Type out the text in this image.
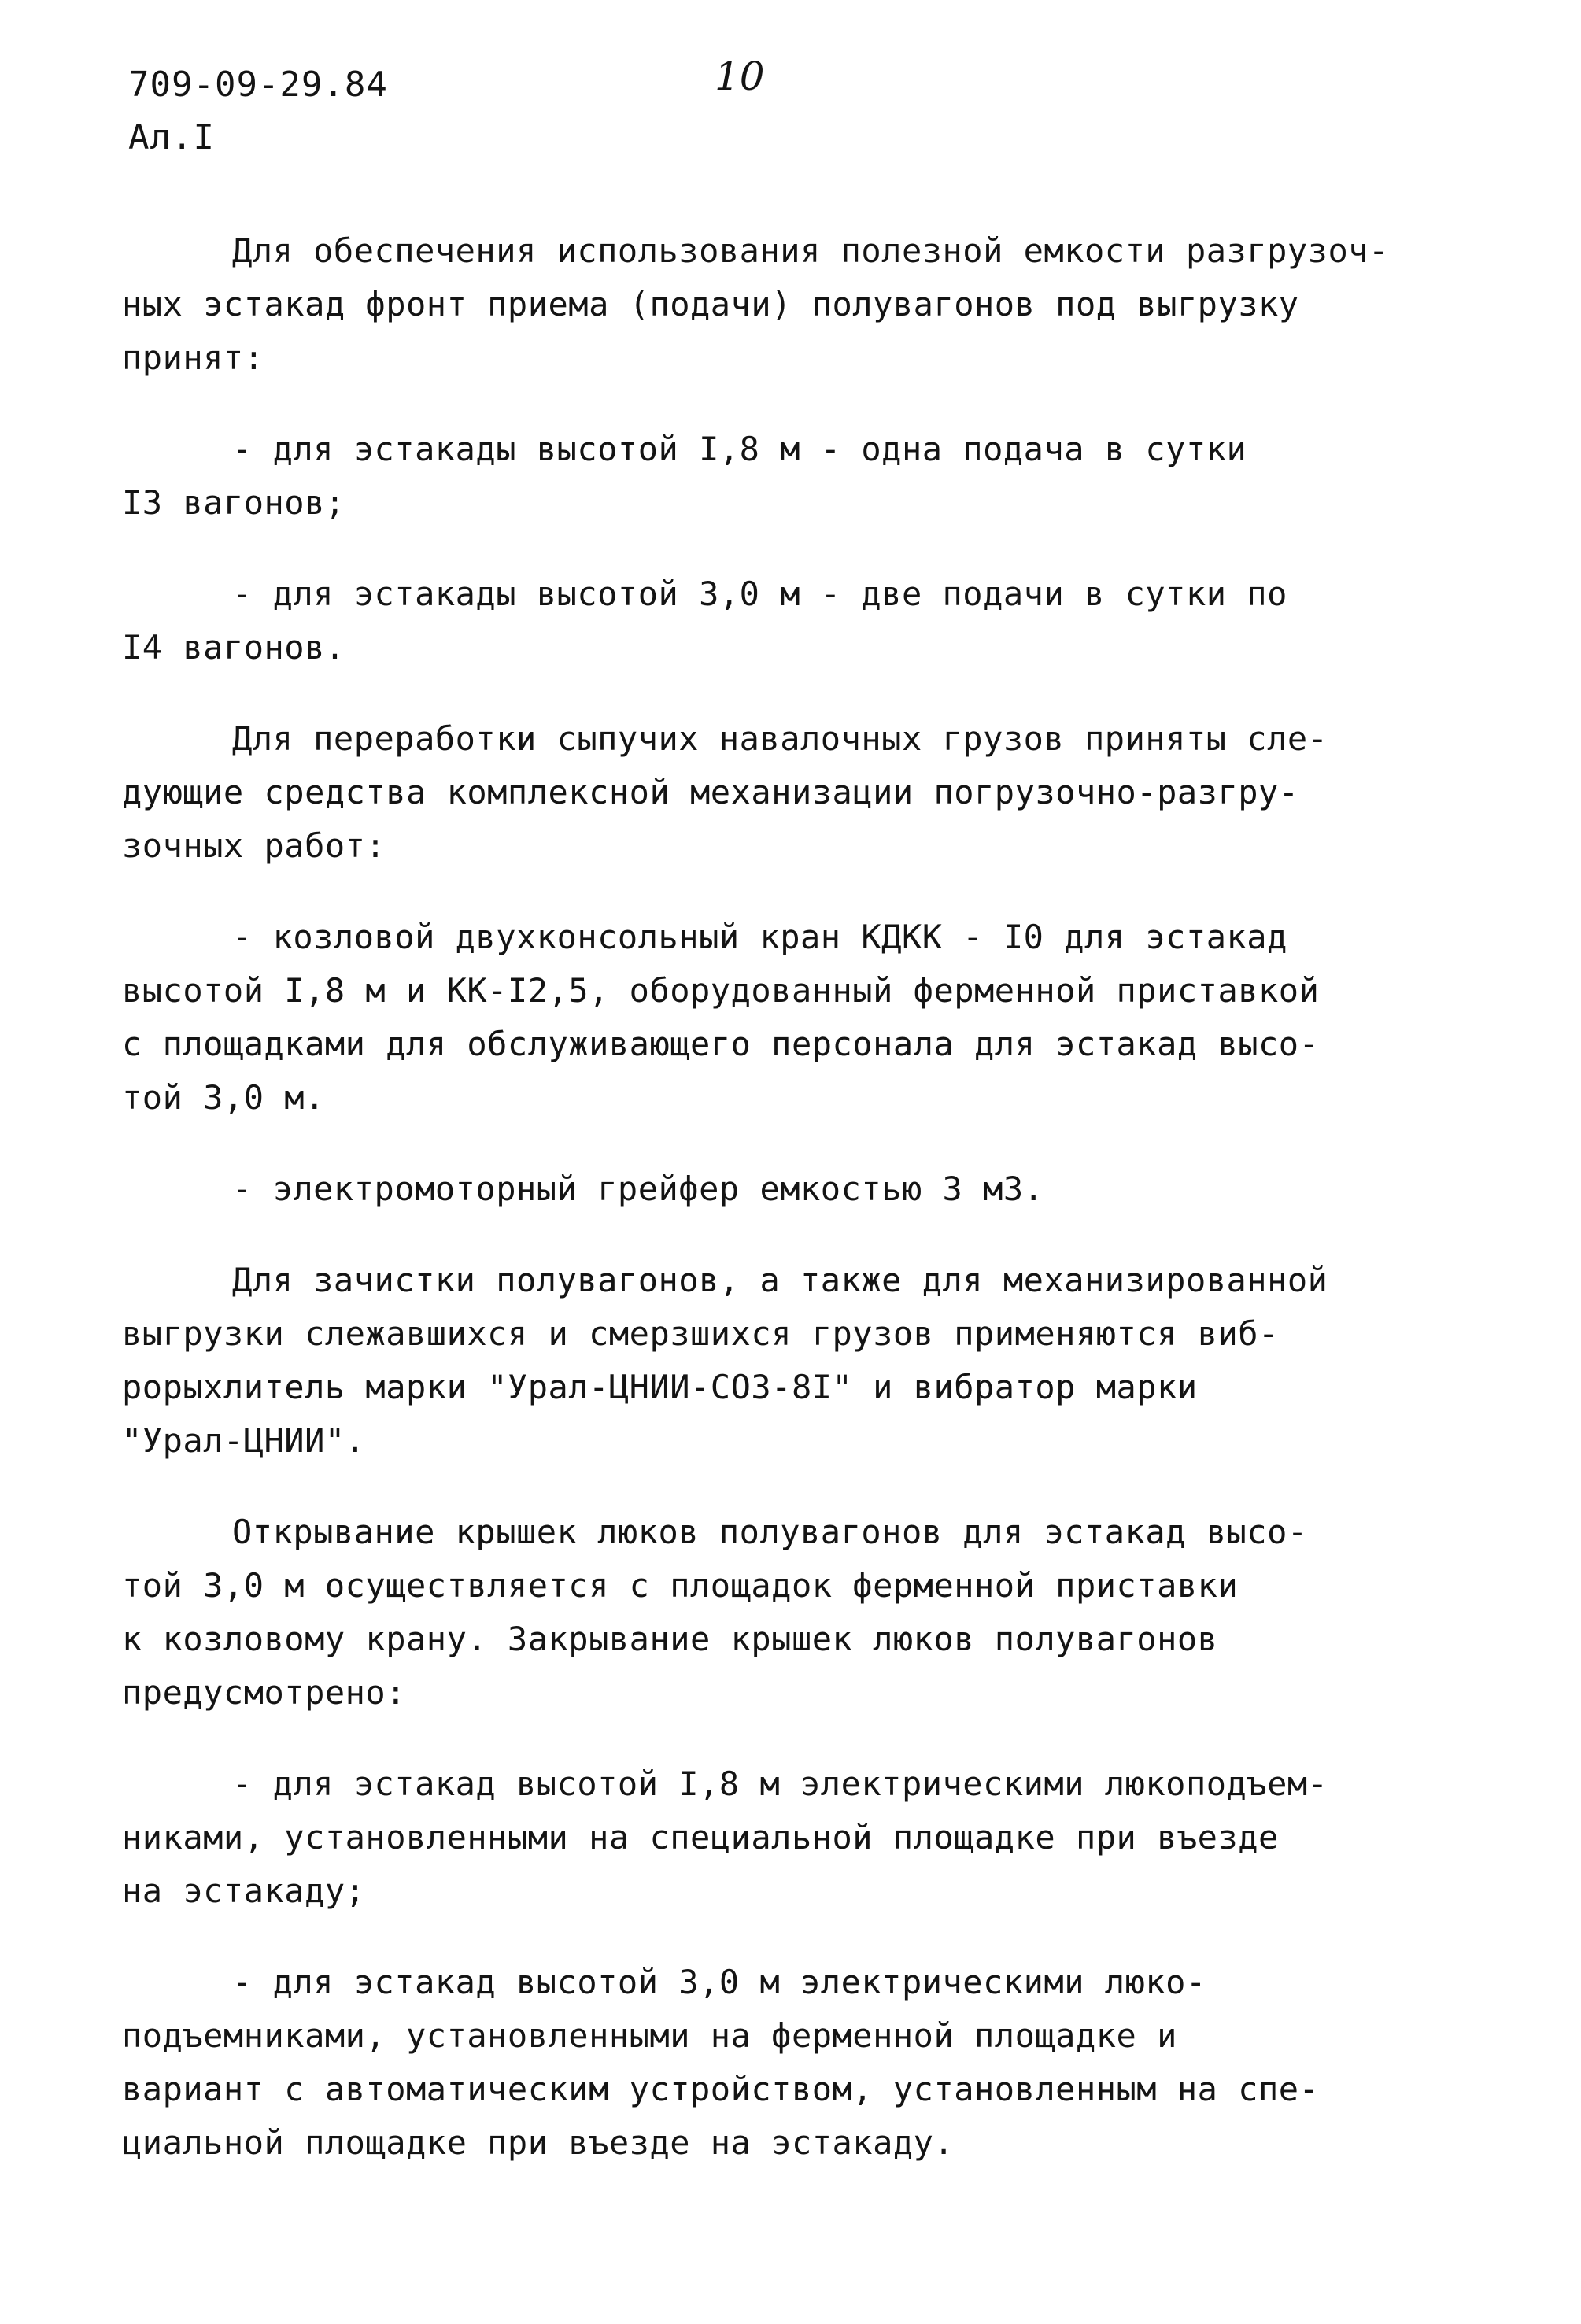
709-09-29.84
Ал.I
10

Для обеспечения использования полезной емкости разгрузоч-
ных эстакад фронт приема (подачи) полувагонов под выгрузку
принят:

- для эстакады высотой I,8 м - одна подача в сутки
I3 вагонов;

- для эстакады высотой 3,0 м - две подачи в сутки по
I4 вагонов.

Для переработки сыпучих навалочных грузов приняты сле-
дующие средства комплексной механизации погрузочно-разгру-
зочных работ:

- козловой двухконсольный кран КДКК - I0 для эстакад
высотой I,8 м и КК-I2,5, оборудованный ферменной приставкой
с площадками для обслуживающего персонала для эстакад высо-
той 3,0 м.

- электромоторный грейфер емкостью 3 м3.

Для зачистки полувагонов, а также для механизированной
выгрузки слежавшихся и смерзшихся грузов применяются виб-
рорыхлитель марки "Урал-ЦНИИ-СОЗ-8I" и вибратор марки
"Урал-ЦНИИ".

Открывание крышек люков полувагонов для эстакад высо-
той 3,0 м осуществляется с площадок ферменной приставки
к козловому крану. Закрывание крышек люков полувагонов
предусмотрено:

- для эстакад высотой I,8 м электрическими люкоподъем-
никами, установленными на специальной площадке при въезде
на эстакаду;

- для эстакад высотой 3,0 м электрическими люко-
подъемниками, установленными на ферменной площадке и
вариант с автоматическим устройством, установленным на спе-
циальной площадке при въезде на эстакаду.
